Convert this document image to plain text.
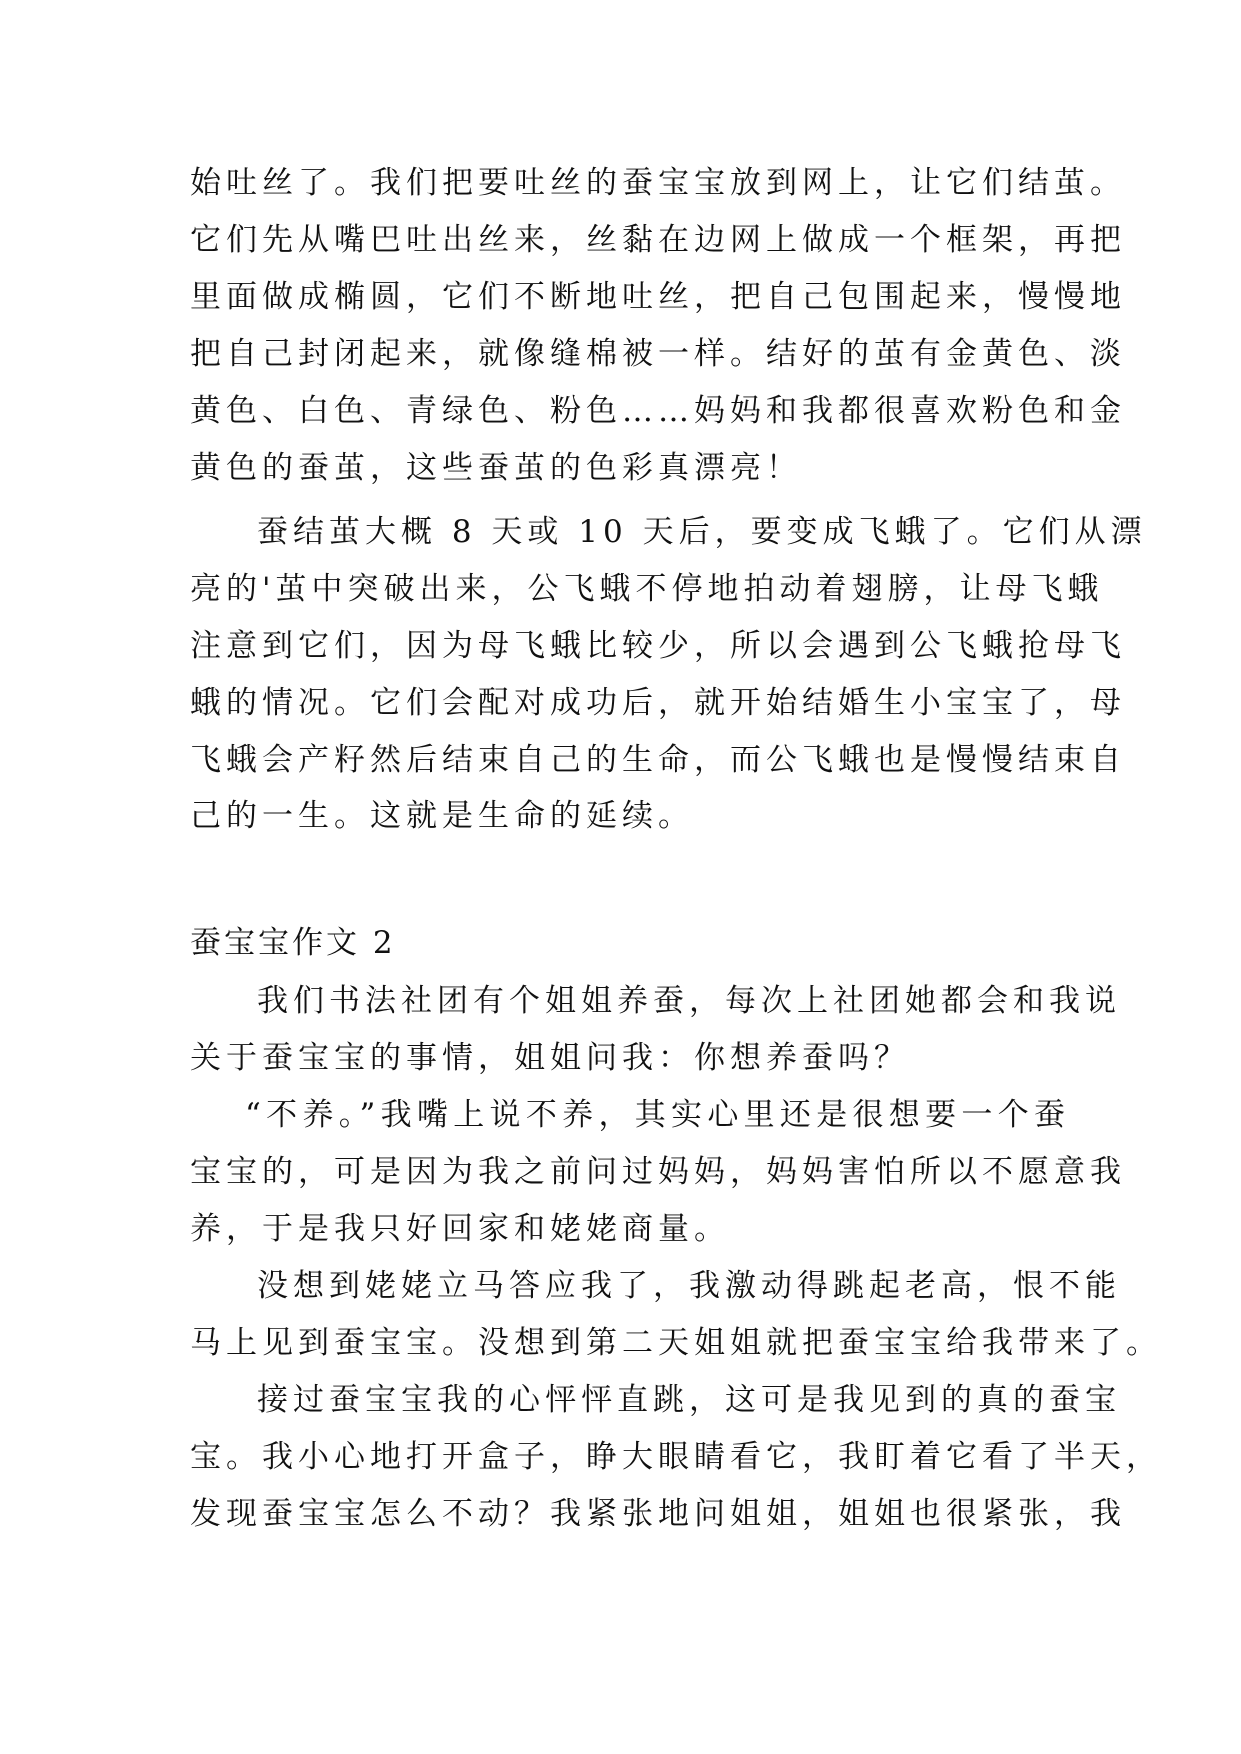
始吐丝了。我们把要吐丝的蚕宝宝放到网上，让它们结茧。

它们先从嘴巴吐出丝来，丝黏在边网上做成一个框架，再把

里面做成椭圆，它们不断地吐丝，把自己包围起来，慢慢地

把自己封闭起来，就像缝棉被一样。结好的茧有金黄色、淡

黄色、白色、青绿色、粉色……妈妈和我都很喜欢粉色和金

黄色的蚕茧，这些蚕茧的色彩真漂亮！

蚕结茧大概 8 天或 10 天后，要变成飞蛾了。它们从漂

亮的'茧中突破出来，公飞蛾不停地拍动着翅膀，让母飞蛾

注意到它们，因为母飞蛾比较少，所以会遇到公飞蛾抢母飞

蛾的情况。它们会配对成功后，就开始结婚生小宝宝了，母

飞蛾会产籽然后结束自己的生命，而公飞蛾也是慢慢结束自

己的一生。这就是生命的延续。

蚕宝宝作文 2

我们书法社团有个姐姐养蚕，每次上社团她都会和我说

关于蚕宝宝的事情，姐姐问我：你想养蚕吗？

“不养。”我嘴上说不养，其实心里还是很想要一个蚕

宝宝的，可是因为我之前问过妈妈，妈妈害怕所以不愿意我

养，于是我只好回家和姥姥商量。

没想到姥姥立马答应我了，我激动得跳起老高，恨不能

马上见到蚕宝宝。没想到第二天姐姐就把蚕宝宝给我带来了。

接过蚕宝宝我的心怦怦直跳，这可是我见到的真的蚕宝

宝。我小心地打开盒子，睁大眼睛看它，我盯着它看了半天，

发现蚕宝宝怎么不动？我紧张地问姐姐，姐姐也很紧张，我
